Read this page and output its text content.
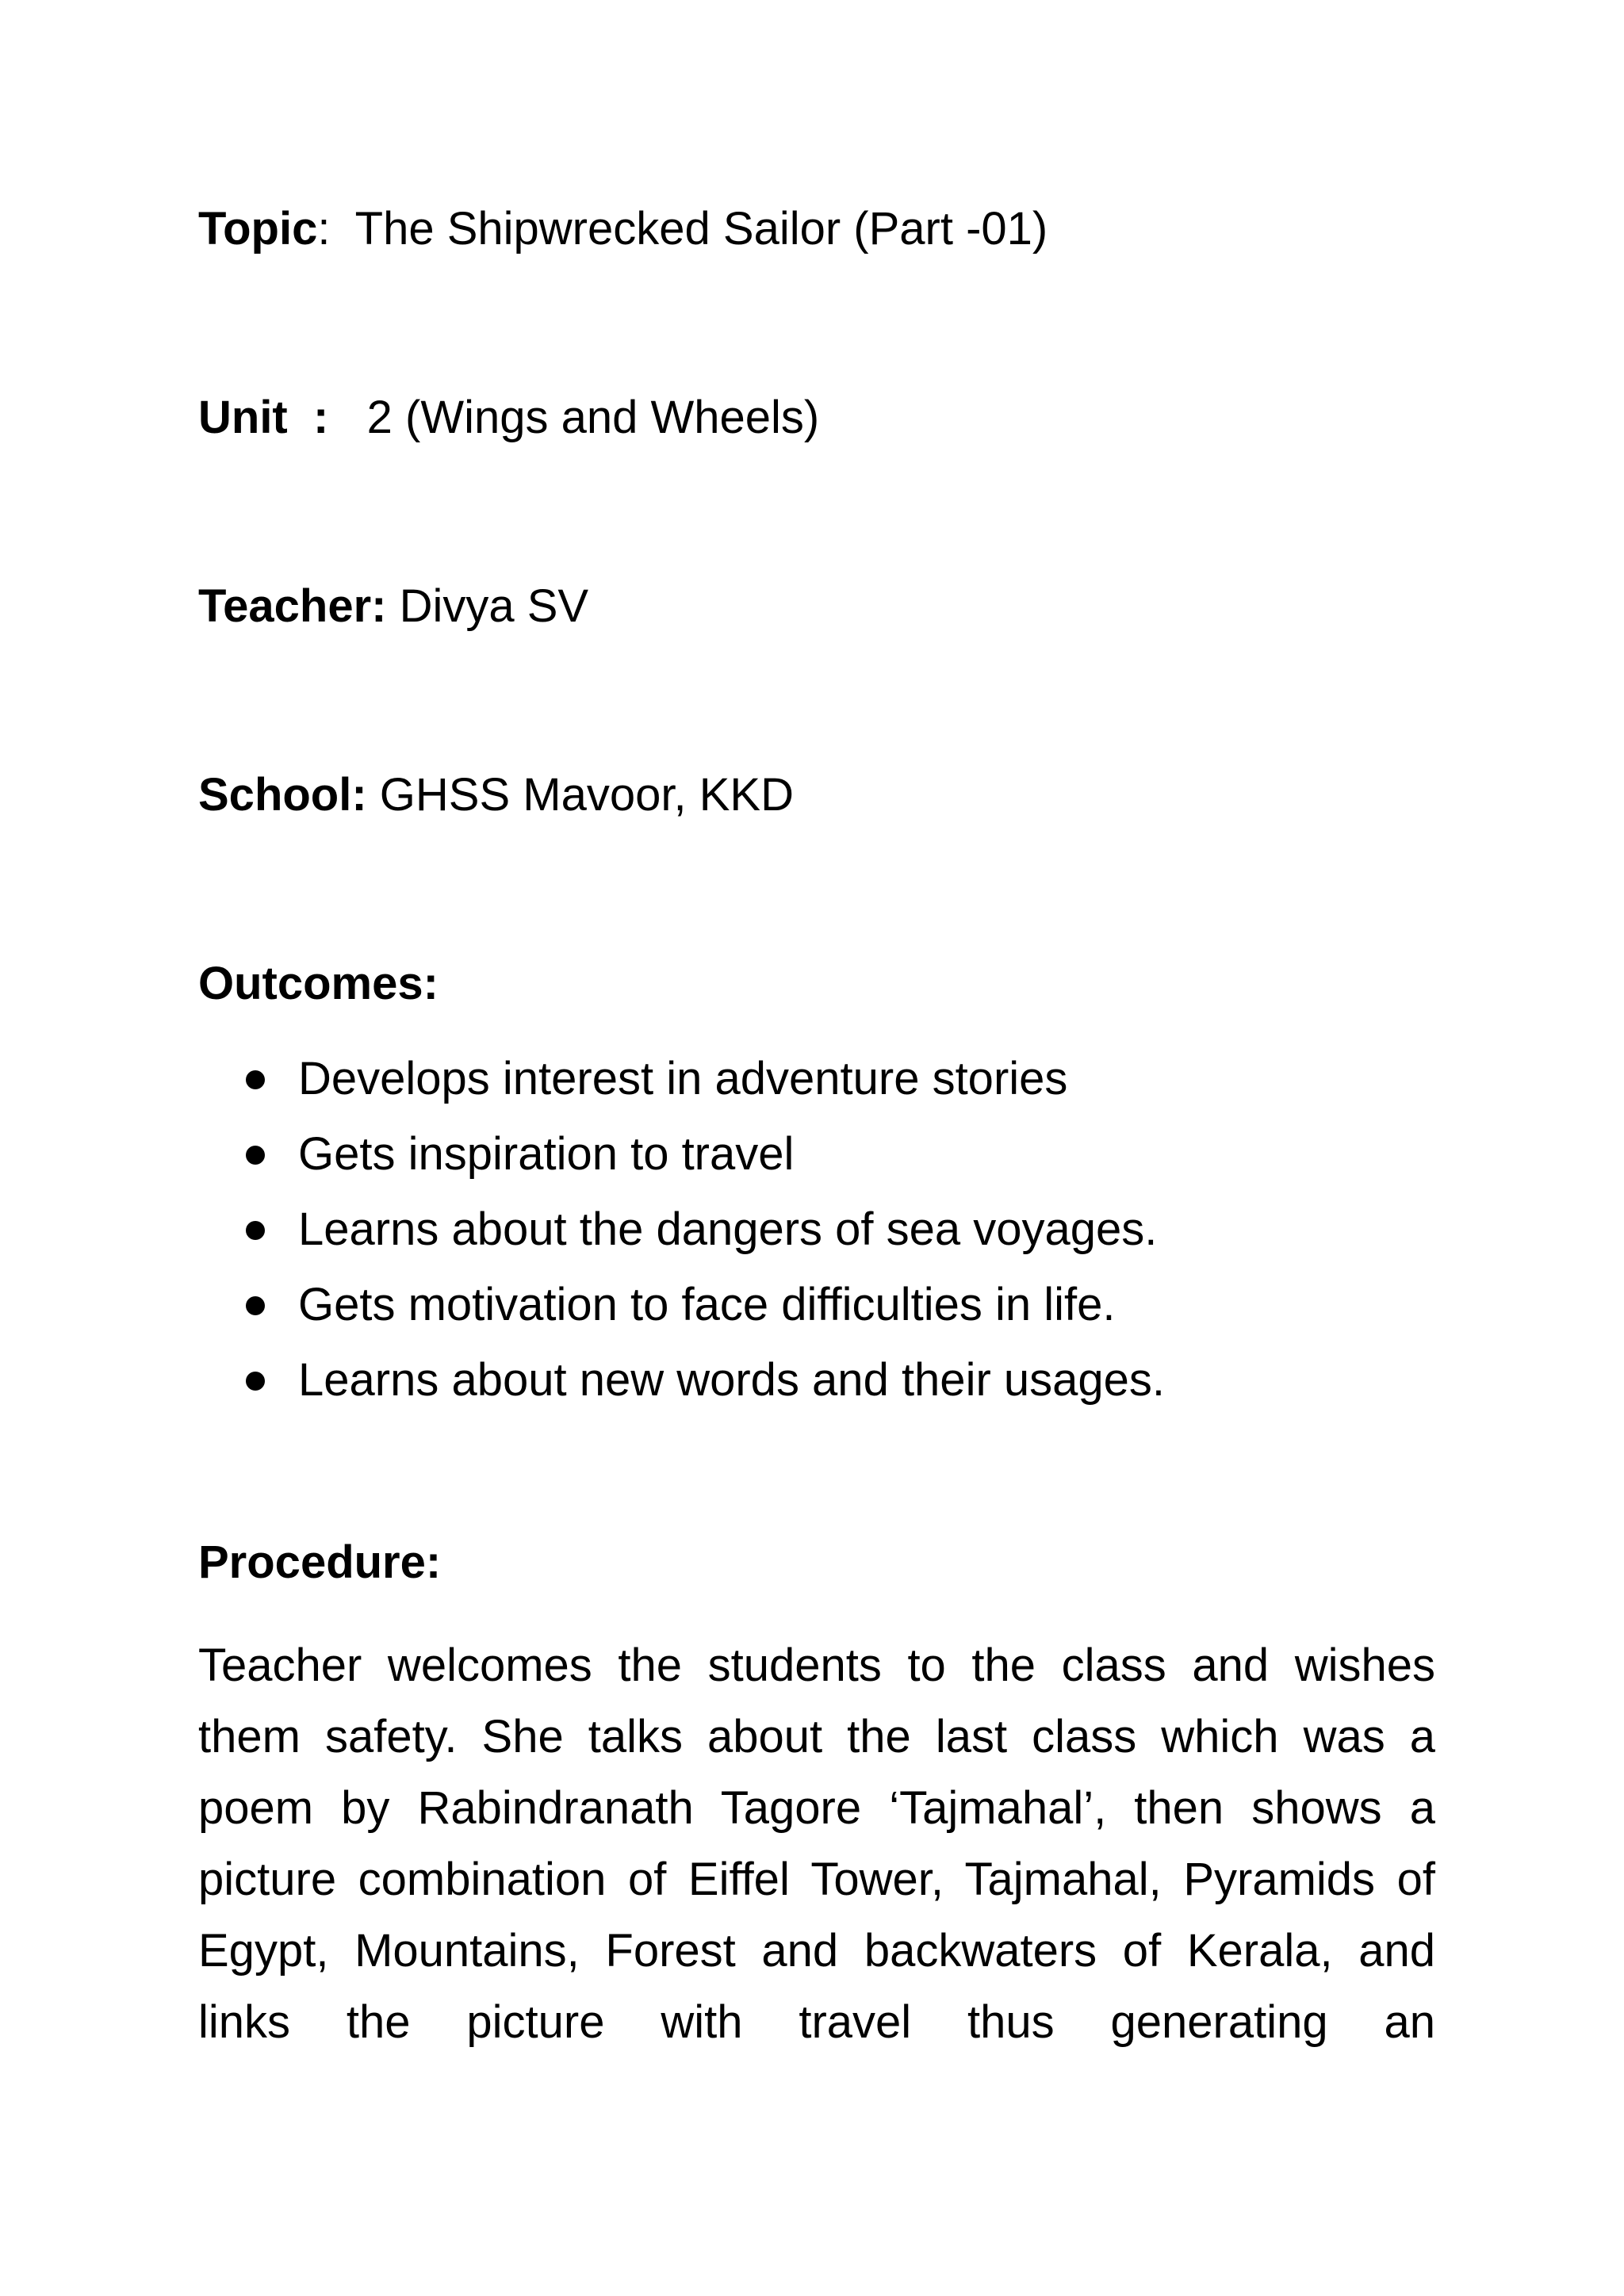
Topic:  The Shipwrecked Sailor (Part -01)
Unit  : 2 (Wings and Wheels)
Teacher: Divya SV
School: GHSS Mavoor, KKD
Outcomes:
Develops interest in adventure stories
Gets inspiration to travel
Learns about the dangers of sea voyages.
Gets motivation to face difficulties in life.
Learns about new words and their usages.
Procedure:

Teacher welcomes the students to the class and wishes them safety. She talks about the last class which was a poem by Rabindranath Tagore ‘Tajmahal’, then shows a picture combination of Eiffel Tower, Tajmahal, Pyramids of Egypt, Mountains, Forest and backwaters of Kerala, and links the picture with travel thus generating an
